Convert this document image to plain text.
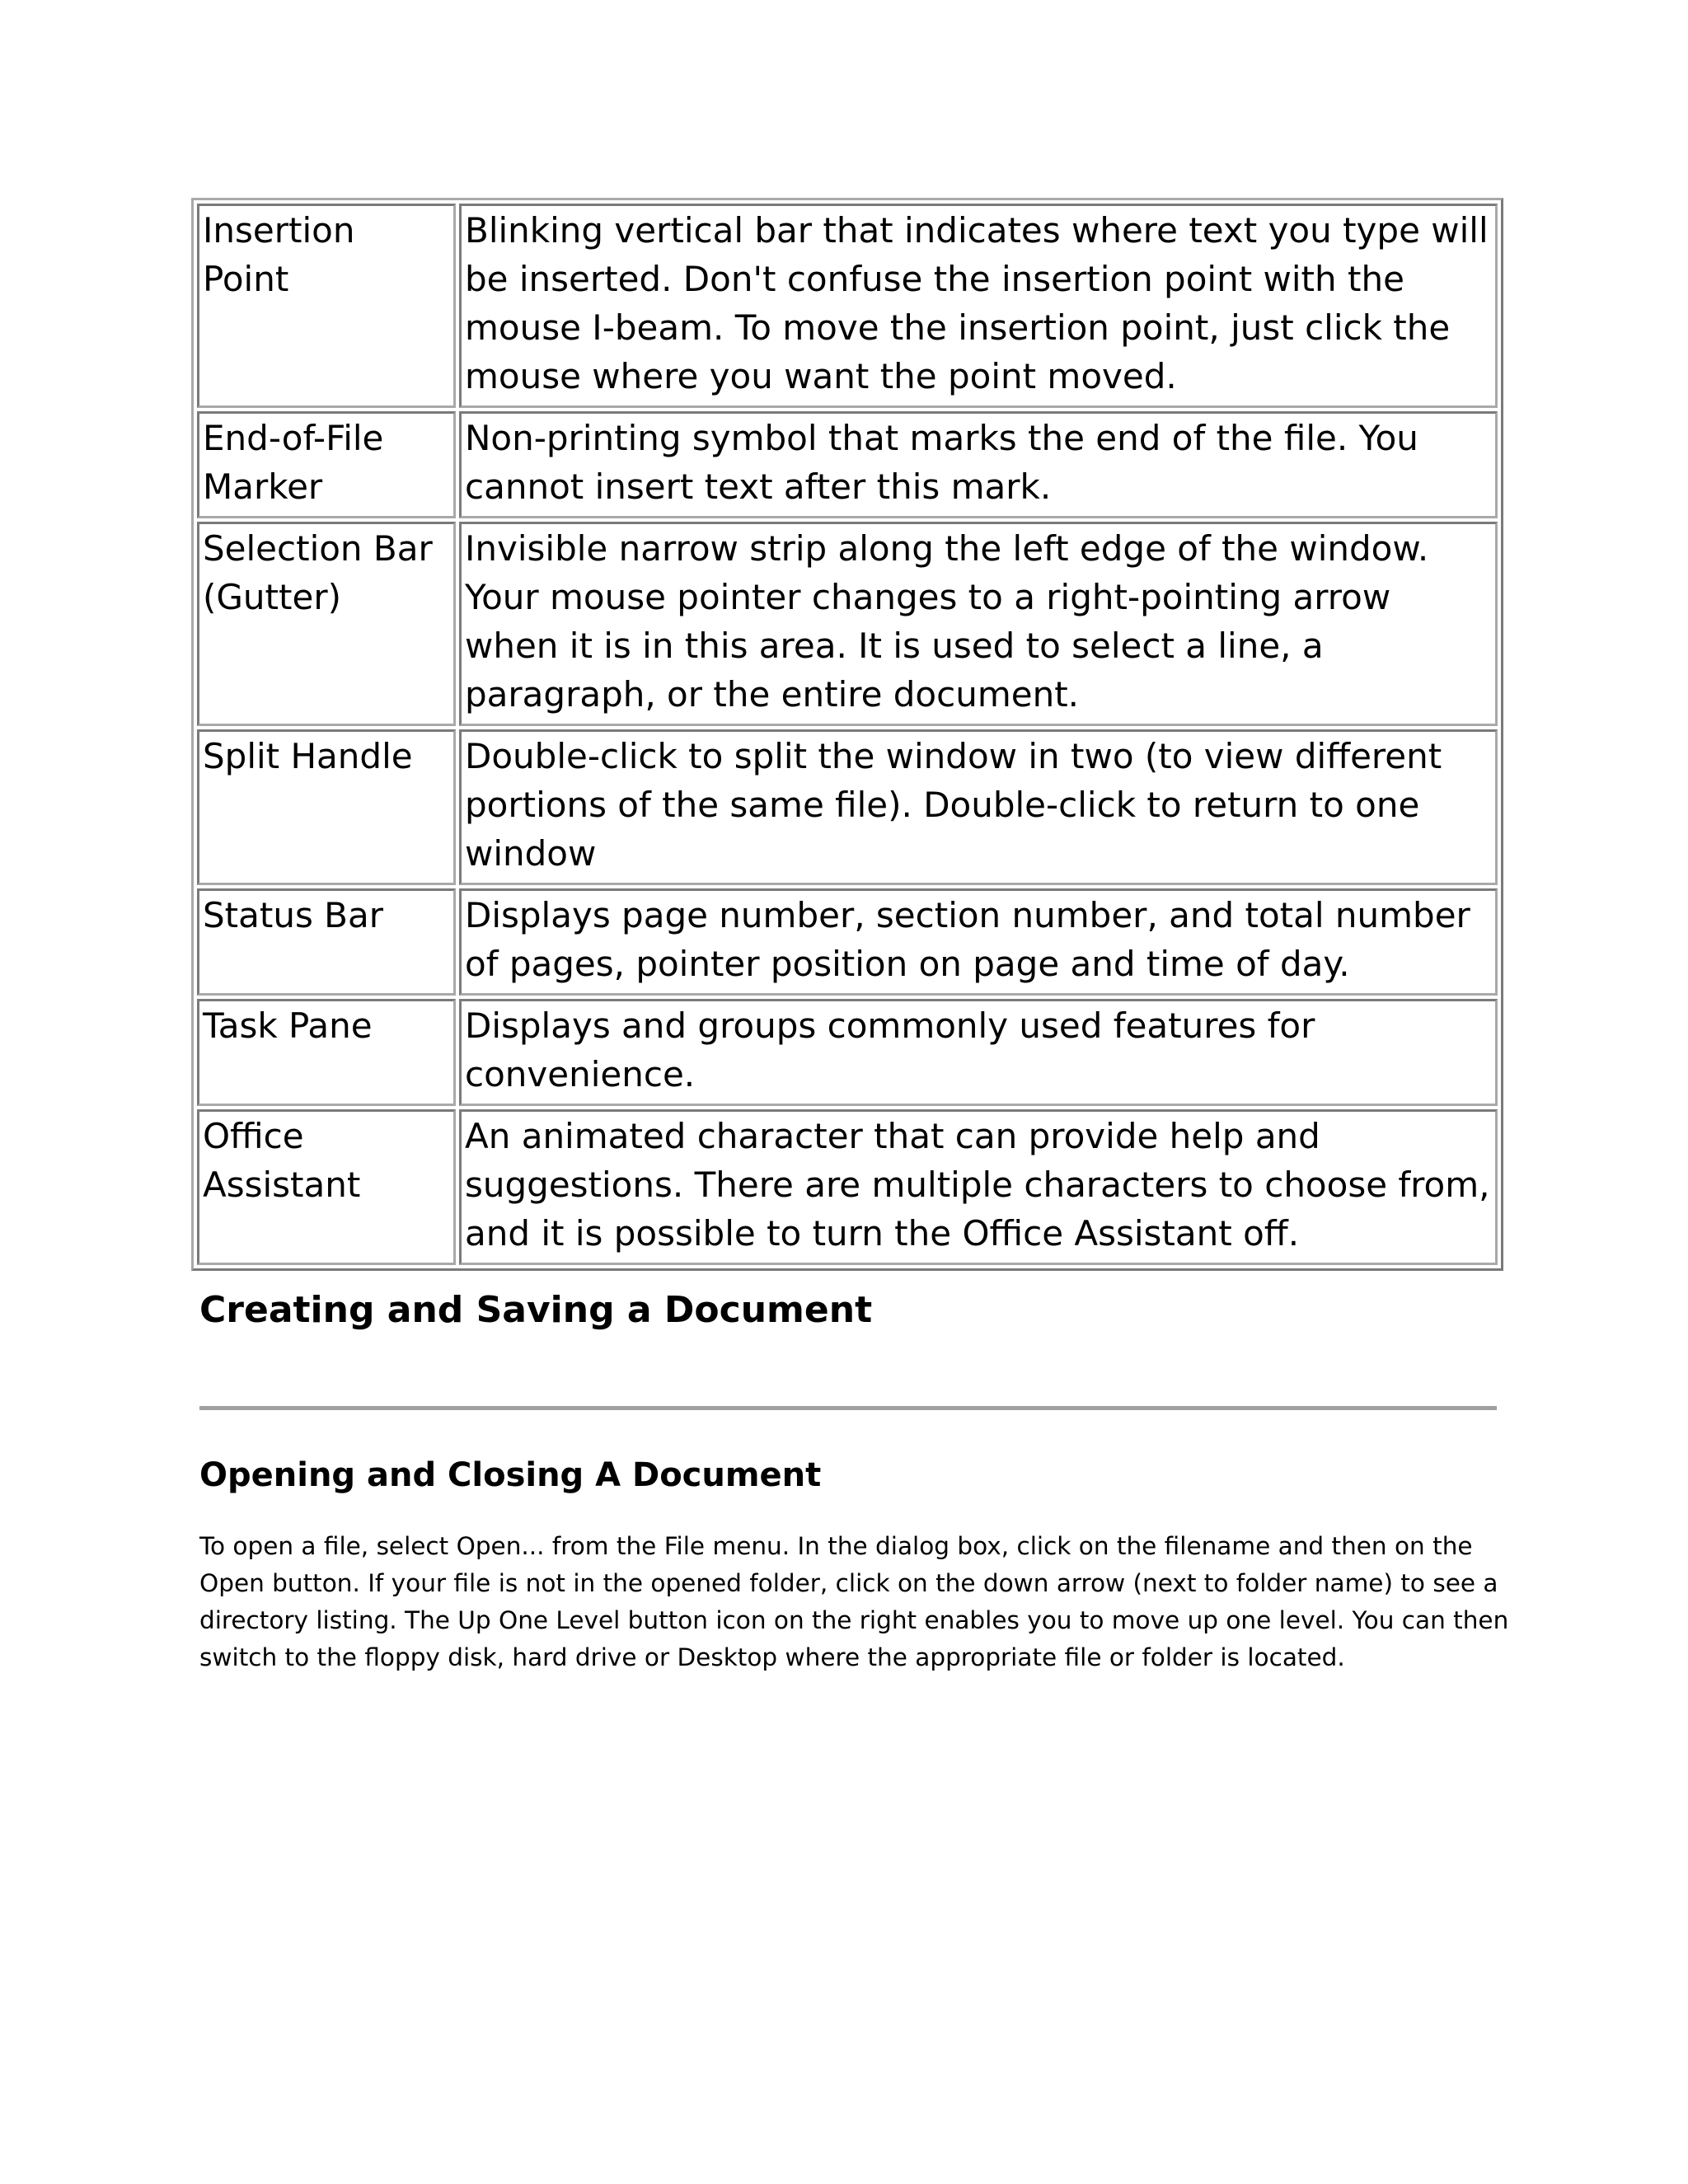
Insertion Point	Blinking vertical bar that indicates where text you type will be inserted. Don't confuse the insertion point with the mouse I-beam. To move the insertion point, just click the mouse where you want the point moved.
End-of-File Marker	Non-printing symbol that marks the end of the file. You cannot insert text after this mark.
Selection Bar (Gutter)	Invisible narrow strip along the left edge of the window. Your mouse pointer changes to a right-pointing arrow when it is in this area. It is used to select a line, a paragraph, or the entire document.
Split Handle	Double-click to split the window in two (to view different portions of the same file). Double-click to return to one window
Status Bar	Displays page number, section number, and total number of pages, pointer position on page and time of day.
Task Pane	Displays and groups commonly used features for convenience.
Office Assistant	An animated character that can provide help and suggestions. There are multiple characters to choose from, and it is possible to turn the Office Assistant off.
Creating and Saving a Document
Opening and Closing A Document

To open a file, select Open... from the File menu. In the dialog box, click on the filename and then on the Open button. If your file is not in the opened folder, click on the down arrow (next to folder name) to see a directory listing. The Up One Level button icon on the right enables you to move up one level. You can then switch to the floppy disk, hard drive or Desktop where the appropriate file or folder is located.
